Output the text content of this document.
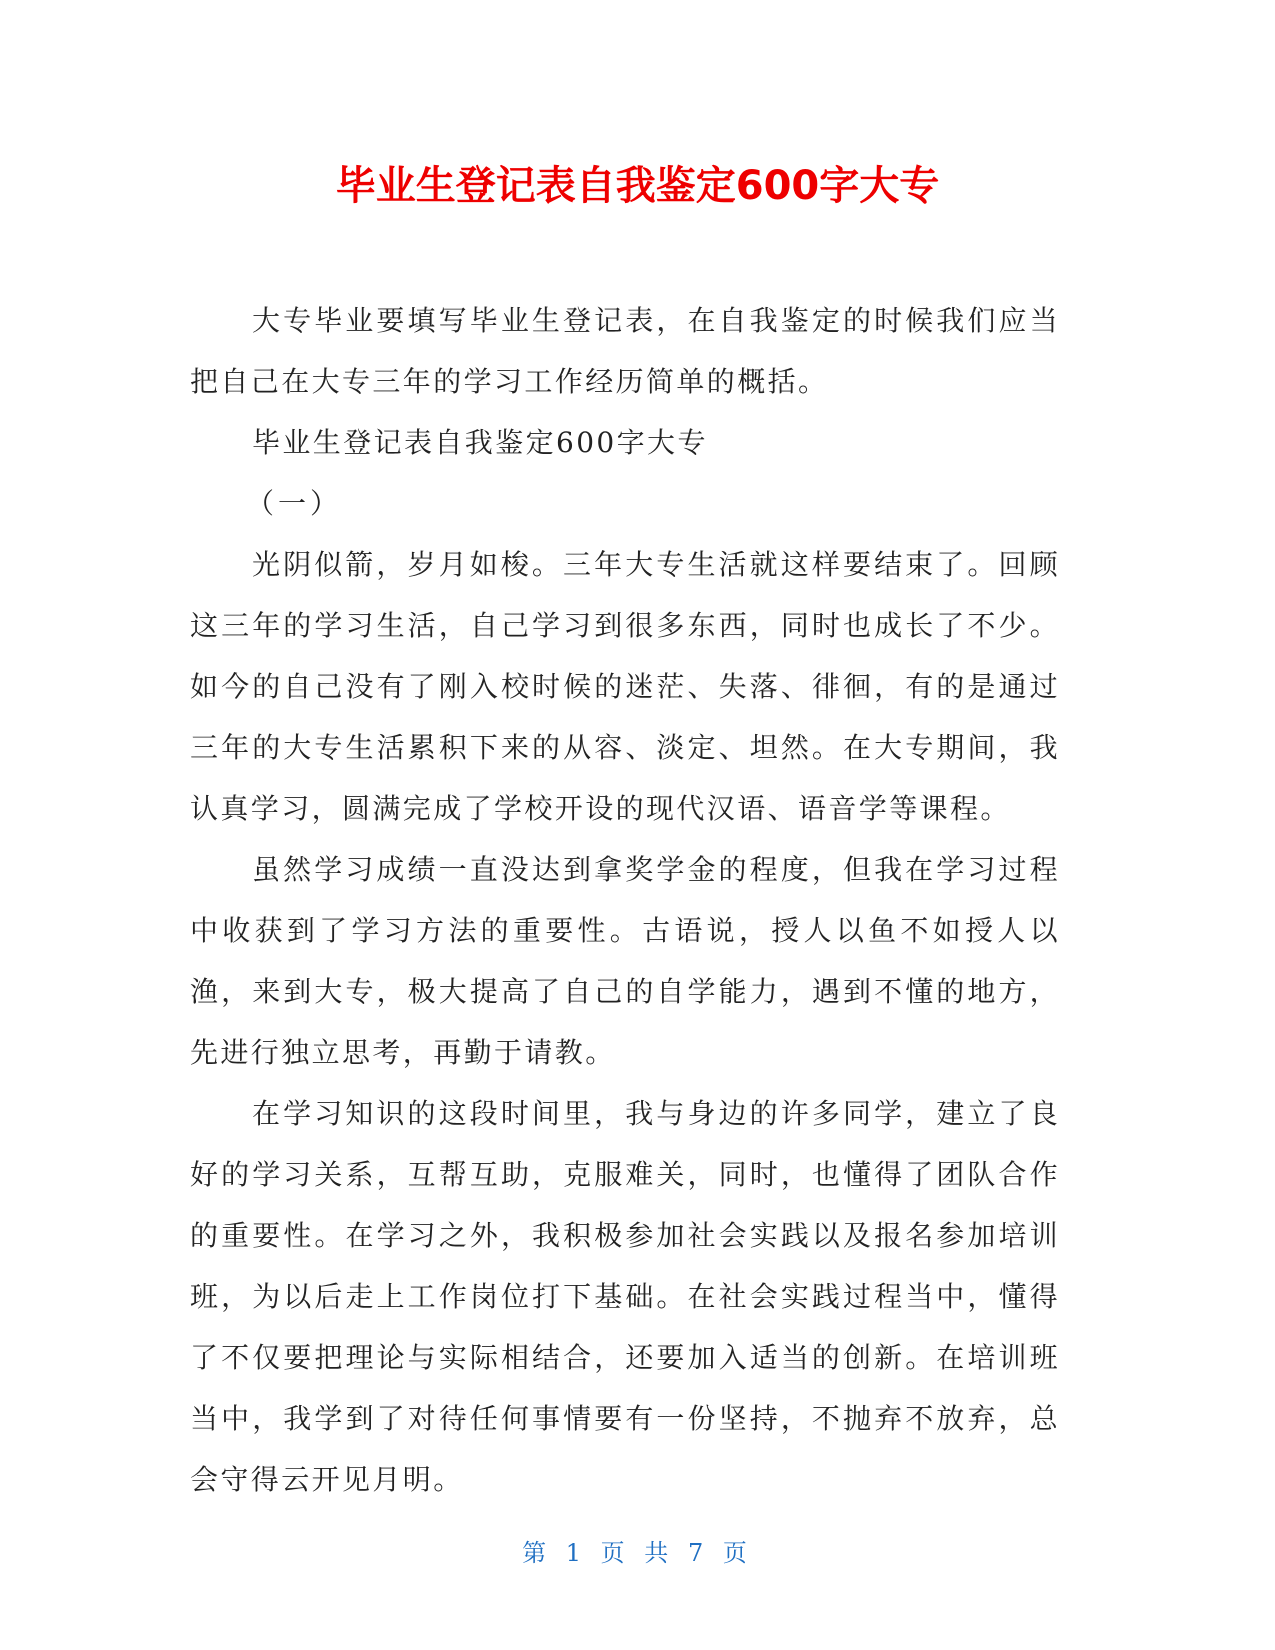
毕业生登记表自我鉴定600字大专

大专毕业要填写毕业生登记表，在自我鉴定的时候我们应当把自己在大专三年的学习工作经历简单的概括。

毕业生登记表自我鉴定600字大专

（一）

光阴似箭，岁月如梭。三年大专生活就这样要结束了。回顾这三年的学习生活，自己学习到很多东西，同时也成长了不少。如今的自己没有了刚入校时候的迷茫、失落、徘徊，有的是通过三年的大专生活累积下来的从容、淡定、坦然。在大专期间，我认真学习，圆满完成了学校开设的现代汉语、语音学等课程。

虽然学习成绩一直没达到拿奖学金的程度，但我在学习过程中收获到了学习方法的重要性。古语说，授人以鱼不如授人以渔，来到大专，极大提高了自己的自学能力，遇到不懂的地方，先进行独立思考，再勤于请教。

在学习知识的这段时间里，我与身边的许多同学，建立了良好的学习关系，互帮互助，克服难关，同时，也懂得了团队合作的重要性。在学习之外，我积极参加社会实践以及报名参加培训班，为以后走上工作岗位打下基础。在社会实践过程当中，懂得了不仅要把理论与实际相结合，还要加入适当的创新。在培训班当中，我学到了对待任何事情要有一份坚持，不抛弃不放弃，总会守得云开见月明。

第 1 页 共 7 页
